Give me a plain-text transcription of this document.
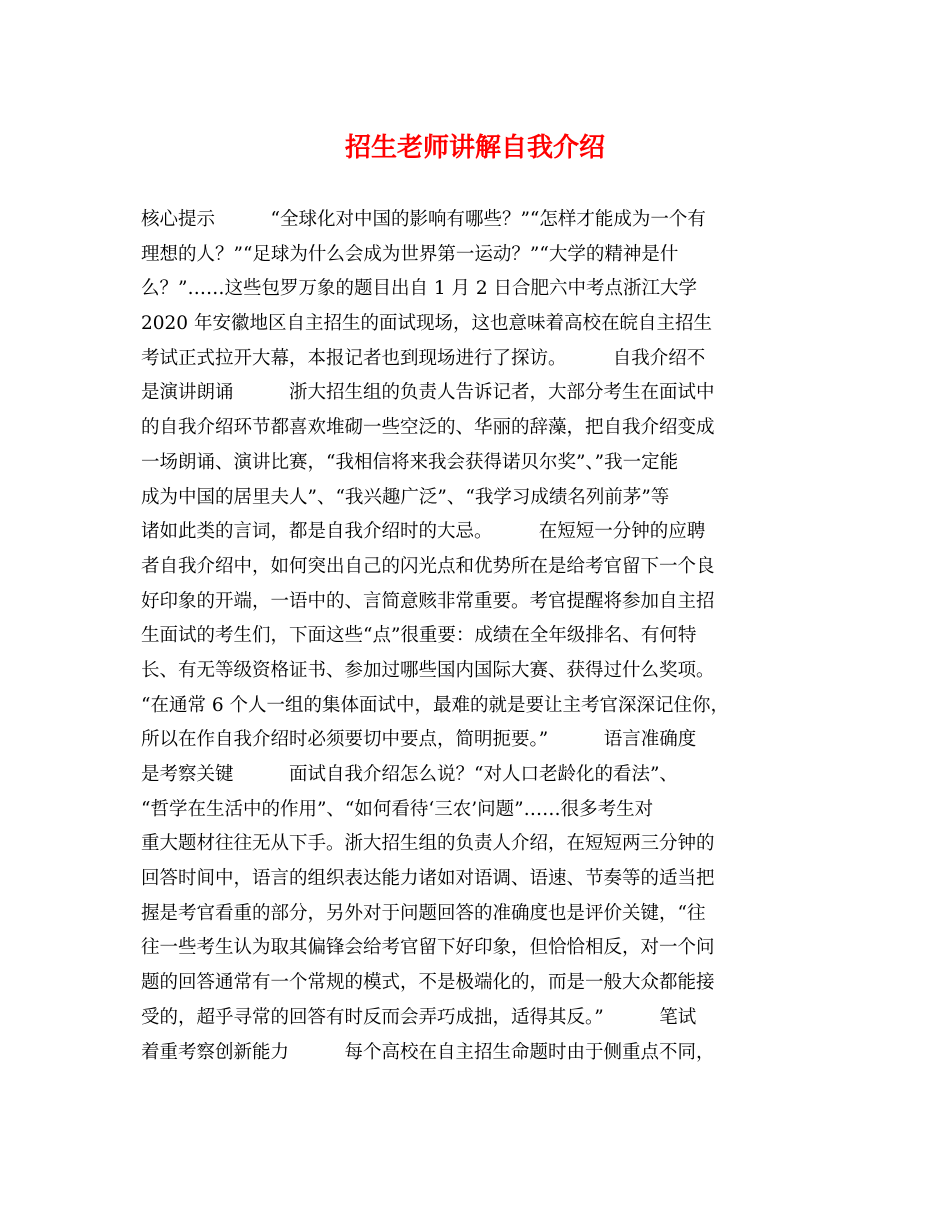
招生老师讲解自我介绍
核心提示　　　“全球化对中国的影响有哪些？”“怎样才能成为一个有
理想的人？”“足球为什么会成为世界第一运动？”“大学的精神是什
么？”……这些包罗万象的题目出自 1 月 2 日合肥六中考点浙江大学
2020 年安徽地区自主招生的面试现场，这也意味着高校在皖自主招生
考试正式拉开大幕，本报记者也到现场进行了探访。　　　自我介绍不
是演讲朗诵　　　浙大招生组的负责人告诉记者，大部分考生在面试中
的自我介绍环节都喜欢堆砌一些空泛的、华丽的辞藻，把自我介绍变成
一场朗诵、演讲比赛，“我相信将来我会获得诺贝尔奖”、”我一定能
成为中国的居里夫人”、“我兴趣广泛”、“我学习成绩名列前茅”等
诸如此类的言词，都是自我介绍时的大忌。　　　在短短一分钟的应聘
者自我介绍中，如何突出自己的闪光点和优势所在是给考官留下一个良
好印象的开端，一语中的、言简意赅非常重要。考官提醒将参加自主招
生面试的考生们，下面这些“点”很重要：成绩在全年级排名、有何特
长、有无等级资格证书、参加过哪些国内国际大赛、获得过什么奖项。
“在通常 6 个人一组的集体面试中，最难的就是要让主考官深深记住你，
所以在作自我介绍时必须要切中要点，简明扼要。”　　　语言准确度
是考察关键　　　面试自我介绍怎么说？“对人口老龄化的看法”、
“哲学在生活中的作用”、“如何看待‘三农’问题”……很多考生对
重大题材往往无从下手。浙大招生组的负责人介绍，在短短两三分钟的
回答时间中，语言的组织表达能力诸如对语调、语速、节奏等的适当把
握是考官看重的部分，另外对于问题回答的准确度也是评价关键，“往
往一些考生认为取其偏锋会给考官留下好印象，但恰恰相反，对一个问
题的回答通常有一个常规的模式，不是极端化的，而是一般大众都能接
受的，超乎寻常的回答有时反而会弄巧成拙，适得其反。”　　　笔试
着重考察创新能力　　　每个高校在自主招生命题时由于侧重点不同，
